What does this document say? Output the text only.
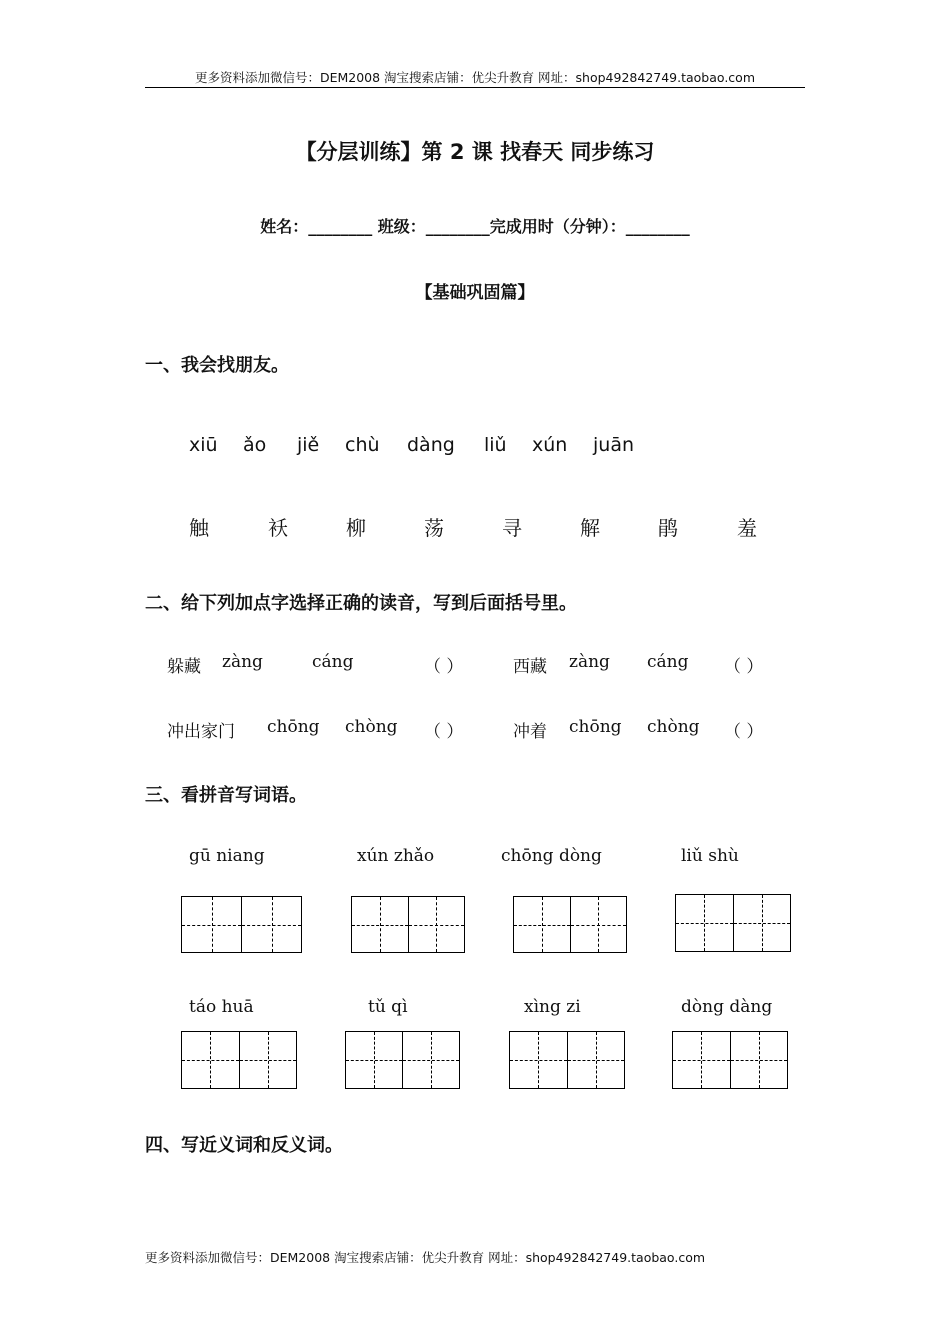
更多资料添加微信号：DEM2008 淘宝搜索店铺：优尖升教育 网址：shop492842749.taobao.com
【分层训练】第 2 课 找春天 同步练习
姓名：________ 班级：________完成用时（分钟）：________
【基础巩固篇】
一、我会找朋友。
xiū ǎo jiě chù dàng liǔ xún juān
触	袄	柳	荡	寻	解	鹃	羞
二、给下列加点字选择正确的读音，写到后面括号里。
躲藏 zàng	cáng	（ ）	西藏 zàng cáng （ ）
冲出家门 chōng chòng （ ）	冲着 chōng chòng （ ）
三、看拼音写词语。
gū niang	xún zhǎo	chōng dòng	liǔ shù
táo huā	tǔ qì	xìng zi	dòng dàng
四、写近义词和反义词。
更多资料添加微信号：DEM2008 淘宝搜索店铺：优尖升教育 网址：shop492842749.taobao.com
